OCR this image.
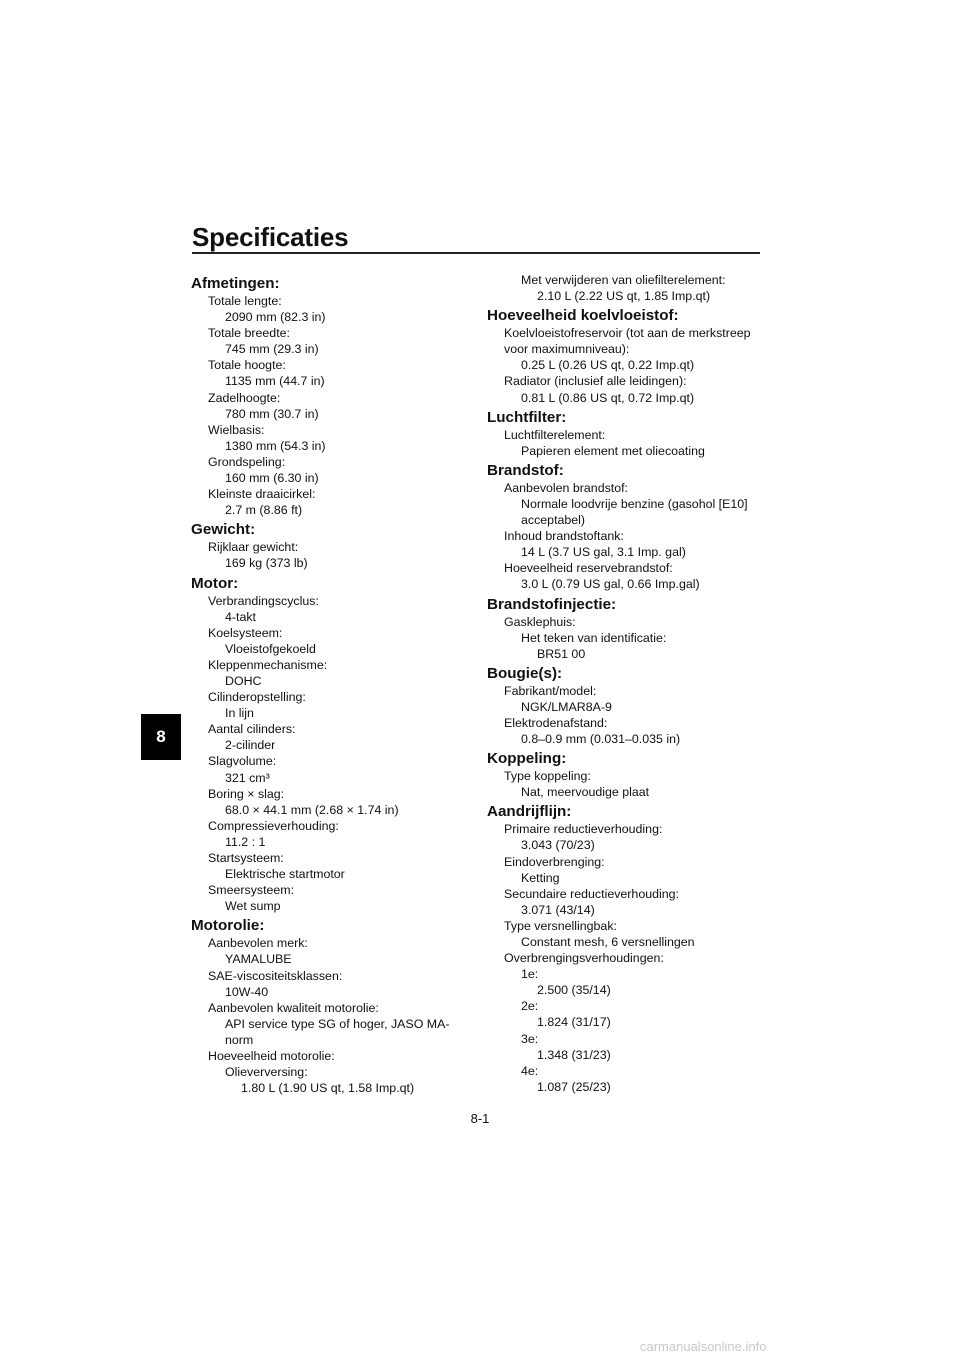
Specificaties
8
Afmetingen:
Totale lengte:
2090 mm (82.3 in)
Totale breedte:
745 mm (29.3 in)
Totale hoogte:
1135 mm (44.7 in)
Zadelhoogte:
780 mm (30.7 in)
Wielbasis:
1380 mm (54.3 in)
Grondspeling:
160 mm (6.30 in)
Kleinste draaicirkel:
2.7 m (8.86 ft)
Gewicht:
Rijklaar gewicht:
169 kg (373 lb)
Motor:
Verbrandingscyclus:
4-takt
Koelsysteem:
Vloeistofgekoeld
Kleppenmechanisme:
DOHC
Cilinderopstelling:
In lijn
Aantal cilinders:
2-cilinder
Slagvolume:
321 cm³
Boring × slag:
68.0 × 44.1 mm (2.68 × 1.74 in)
Compressieverhouding:
11.2 : 1
Startsysteem:
Elektrische startmotor
Smeersysteem:
Wet sump
Motorolie:
Aanbevolen merk:
YAMALUBE
SAE-viscositeitsklassen:
10W-40
Aanbevolen kwaliteit motorolie:
API service type SG of hoger, JASO MA-
norm
Hoeveelheid motorolie:
Olieverversing:
1.80 L (1.90 US qt, 1.58 Imp.qt)
Met verwijderen van oliefilterelement:
2.10 L (2.22 US qt, 1.85 Imp.qt)
Hoeveelheid koelvloeistof:
Koelvloeistofreservoir (tot aan de merkstreep
voor maximumniveau):
0.25 L (0.26 US qt, 0.22 Imp.qt)
Radiator (inclusief alle leidingen):
0.81 L (0.86 US qt, 0.72 Imp.qt)
Luchtfilter:
Luchtfilterelement:
Papieren element met oliecoating
Brandstof:
Aanbevolen brandstof:
Normale loodvrije benzine (gasohol [E10]
acceptabel)
Inhoud brandstoftank:
14 L (3.7 US gal, 3.1 Imp. gal)
Hoeveelheid reservebrandstof:
3.0 L (0.79 US gal, 0.66 Imp.gal)
Brandstofinjectie:
Gasklephuis:
Het teken van identificatie:
BR51 00
Bougie(s):
Fabrikant/model:
NGK/LMAR8A-9
Elektrodenafstand:
0.8–0.9 mm (0.031–0.035 in)
Koppeling:
Type koppeling:
Nat, meervoudige plaat
Aandrijflijn:
Primaire reductieverhouding:
3.043 (70/23)
Eindoverbrenging:
Ketting
Secundaire reductieverhouding:
3.071 (43/14)
Type versnellingbak:
Constant mesh, 6 versnellingen
Overbrengingsverhoudingen:
1e:
2.500 (35/14)
2e:
1.824 (31/17)
3e:
1.348 (31/23)
4e:
1.087 (25/23)
8-1
carmanualsonline.info
